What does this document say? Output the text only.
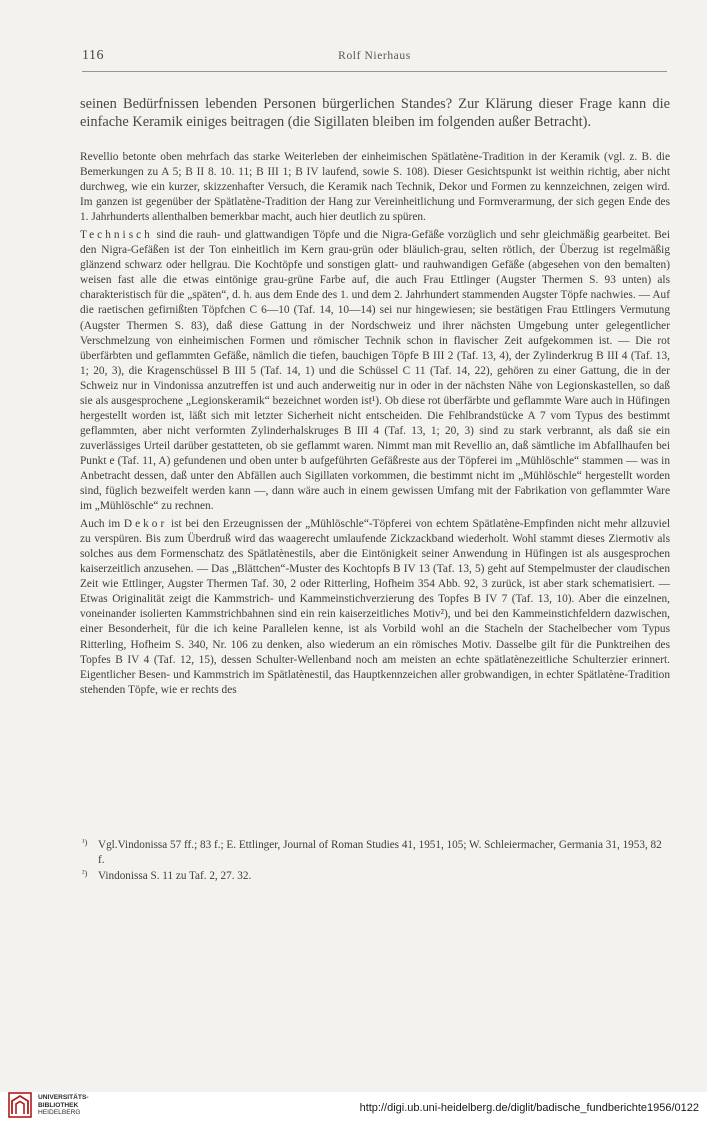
116	Rolf Nierhaus

seinen Bedürfnissen lebenden Personen bürgerlichen Standes? Zur Klärung dieser Frage kann die einfache Keramik einiges beitragen (die Sigillaten bleiben im folgenden außer Betracht).

Revellio betonte oben mehrfach das starke Weiterleben der einheimischen Spätlatène-Tradition in der Keramik (vgl. z. B. die Bemerkungen zu A 5; B II 8. 10. 11; B III 1; B IV laufend, sowie S. 108). Dieser Gesichtspunkt ist weithin richtig, aber nicht durchweg, wie ein kurzer, skizzenhafter Versuch, die Keramik nach Technik, Dekor und Formen zu kennzeichnen, zeigen wird. Im ganzen ist gegenüber der Spätlatène-Tradition der Hang zur Vereinheitlichung und Formverarmung, der sich gegen Ende des 1. Jahrhunderts allenthalben bemerkbar macht, auch hier deutlich zu spüren.

Technisch sind die rauh- und glattwandigen Töpfe und die Nigra-Gefäße vorzüglich und sehr gleichmäßig gearbeitet. Bei den Nigra-Gefäßen ist der Ton einheitlich im Kern grau-grün oder bläulich-grau, selten rötlich, der Überzug ist regelmäßig glänzend schwarz oder hellgrau. Die Kochtöpfe und sonstigen glatt- und rauhwandigen Gefäße (abgesehen von den bemalten) weisen fast alle die etwas eintönige grau-grüne Farbe auf, die auch Frau Ettlinger (Augster Thermen S. 93 unten) als charakteristisch für die „späten“, d. h. aus dem Ende des 1. und dem 2. Jahrhundert stammenden Augster Töpfe nachwies. — Auf die raetischen gefirnißten Töpfchen C 6—10 (Taf. 14, 10—14) sei nur hingewiesen; sie bestätigen Frau Ettlingers Vermutung (Augster Thermen S. 83), daß diese Gattung in der Nordschweiz und ihrer nächsten Umgebung unter gelegentlicher Verschmelzung von einheimischen Formen und römischer Technik schon in flavischer Zeit aufgekommen ist. — Die rot überfärbten und geflammten Gefäße, nämlich die tiefen, bauchigen Töpfe B III 2 (Taf. 13, 4), der Zylinderkrug B III 4 (Taf. 13, 1; 20, 3), die Kragenschüssel B III 5 (Taf. 14, 1) und die Schüssel C 11 (Taf. 14, 22), gehören zu einer Gattung, die in der Schweiz nur in Vindonissa anzutreffen ist und auch anderweitig nur in oder in der nächsten Nähe von Legionskastellen, so daß sie als ausgesprochene „Legionskeramik“ bezeichnet worden ist¹). Ob diese rot überfärbte und geflammte Ware auch in Hüfingen hergestellt worden ist, läßt sich mit letzter Sicherheit nicht entscheiden. Die Fehlbrandstücke A 7 vom Typus des bestimmt geflammten, aber nicht verformten Zylinderhalskruges B III 4 (Taf. 13, 1; 20, 3) sind zu stark verbrannt, als daß sie ein zuverlässiges Urteil darüber gestatteten, ob sie geflammt waren. Nimmt man mit Revellio an, daß sämtliche im Abfallhaufen bei Punkt e (Taf. 11, A) gefundenen und oben unter b aufgeführten Gefäßreste aus der Töpferei im „Mühlöschle“ stammen — was in Anbetracht dessen, daß unter den Abfällen auch Sigillaten vorkommen, die bestimmt nicht im „Mühlöschle“ hergestellt worden sind, füglich bezweifelt werden kann —, dann wäre auch in einem gewissen Umfang mit der Fabrikation von geflammter Ware im „Mühlöschle“ zu rechnen.

Auch im Dekor ist bei den Erzeugnissen der „Mühlöschle“-Töpferei von echtem Spätlatène-Empfinden nicht mehr allzuviel zu verspüren. Bis zum Überdruß wird das waagerecht umlaufende Zickzackband wiederholt. Wohl stammt dieses Ziermotiv als solches aus dem Formenschatz des Spätlatènestils, aber die Eintönigkeit seiner Anwendung in Hüfingen ist als ausgesprochen kaiserzeitlich anzusehen. — Das „Blättchen“-Muster des Kochtopfs B IV 13 (Taf. 13, 5) geht auf Stempelmuster der claudischen Zeit wie Ettlinger, Augster Thermen Taf. 30, 2 oder Ritterling, Hofheim 354 Abb. 92, 3 zurück, ist aber stark schematisiert. — Etwas Originalität zeigt die Kammstrich- und Kammeinstichverzierung des Topfes B IV 7 (Taf. 13, 10). Aber die einzelnen, voneinander isolierten Kammstrichbahnen sind ein rein kaiserzeitliches Motiv²), und bei den Kammeinstichfeldern dazwischen, einer Besonderheit, für die ich keine Parallelen kenne, ist als Vorbild wohl an die Stacheln der Stachelbecher vom Typus Ritterling, Hofheim S. 340, Nr. 106 zu denken, also wiederum an ein römisches Motiv. Dasselbe gilt für die Punktreihen des Topfes B IV 4 (Taf. 12, 15), dessen Schulter-Wellenband noch am meisten an echte spätlatènezeitliche Schulterzier erinnert. Eigentlicher Besen- und Kammstrich im Spätlatènestil, das Hauptkennzeichen aller grobwandigen, in echter Spätlatène-Tradition stehenden Töpfe, wie er rechts des

¹) Vgl.Vindonissa 57 ff.; 83 f.; E. Ettlinger, Journal of Roman Studies 41, 1951, 105; W. Schleiermacher, Germania 31, 1953, 82 f.
²) Vindonissa S. 11 zu Taf. 2, 27. 32.
UNIVERSITÄTS-
BIBLIOTHEK
HEIDELBERG	http://digi.ub.uni-heidelberg.de/diglit/badische_fundberichte1956/0122
